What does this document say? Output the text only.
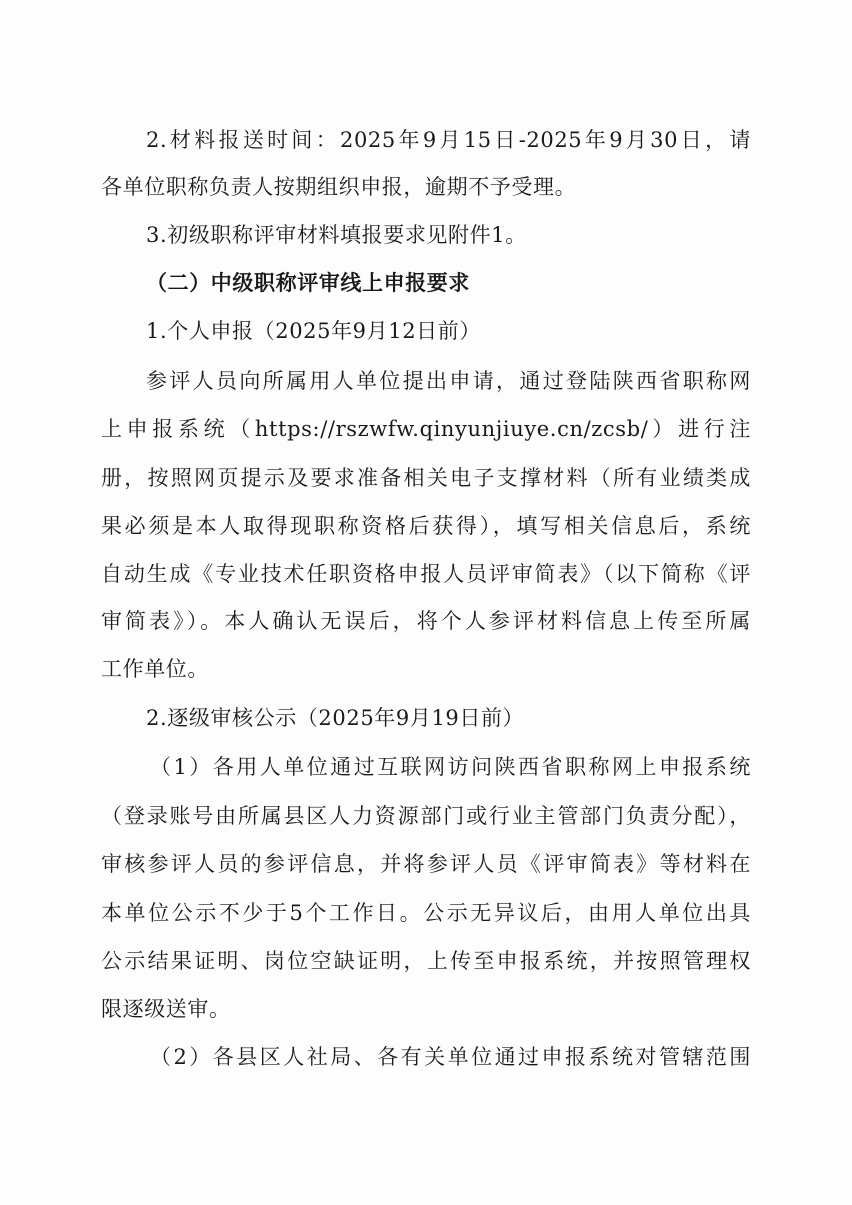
2.材料报送时间：2025年9月15日-2025年9月30日，请
各单位职称负责人按期组织申报，逾期不予受理。
3.初级职称评审材料填报要求见附件1。
（二）中级职称评审线上申报要求
1.个人申报（2025年9月12日前）
参评人员向所属用人单位提出申请，通过登陆陕西省职称网
上申报系统（https://rszwfw.qinyunjiuye.cn/zcsb/）进行注
册，按照网页提示及要求准备相关电子支撑材料（所有业绩类成
果必须是本人取得现职称资格后获得），填写相关信息后，系统
自动生成《专业技术任职资格申报人员评审简表》（以下简称《评
审简表》）。本人确认无误后，将个人参评材料信息上传至所属
工作单位。
2.逐级审核公示（2025年9月19日前）
（1）各用人单位通过互联网访问陕西省职称网上申报系统
（登录账号由所属县区人力资源部门或行业主管部门负责分配），
审核参评人员的参评信息，并将参评人员《评审简表》等材料在
本单位公示不少于5个工作日。公示无异议后，由用人单位出具
公示结果证明、岗位空缺证明，上传至申报系统，并按照管理权
限逐级送审。
（2）各县区人社局、各有关单位通过申报系统对管辖范围
